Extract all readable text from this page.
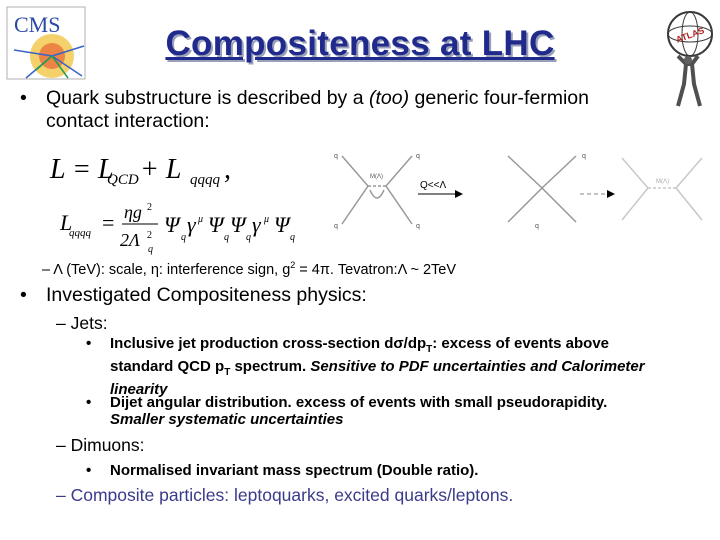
CMS	ATLAS
Compositeness at LHC
• Quark substructure is described by a (too) generic four-fermion contact interaction:
L = L
QCD + L qqqq ,
L
qqqq = ηg 2
2Λ 2
q
Ψ
q
γ μ Ψ
q
Ψ
q
γ μ Ψ
q
M(Λ)
q	q
q	q
q
q
Q<<Λ	M(Λ)
– Λ (TeV): scale, η: interference sign, $g^2 = 4\pi$. Tevatron:Λ ~ 2TeV
• Investigated Compositeness physics:
– Jets:
• Inclusive jet production cross-section $d\sigma/dp_T$: excess of events above standard QCD $p_T$ spectrum. Sensitive to PDF uncertainties and Calorimeter linearity
• Dijet angular distribution. excess of events with small pseudorapidity. Smaller systematic uncertainties
– Dimuons:
• Normalised invariant mass spectrum (Double ratio).
– Composite particles: leptoquarks, excited quarks/leptons.
